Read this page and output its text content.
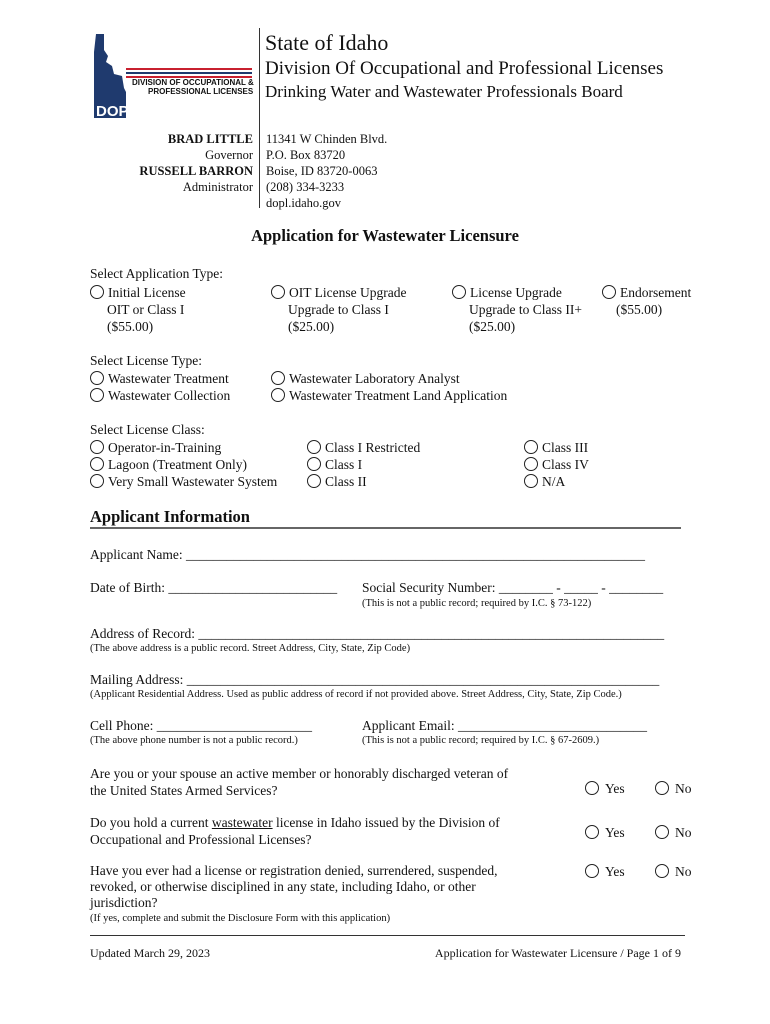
DOPL
DIVISION OF OCCUPATIONAL &
PROFESSIONAL LICENSES
State of Idaho
Division Of Occupational and Professional Licenses
Drinking Water and Wastewater Professionals Board
BRAD LITTLE
Governor
RUSSELL BARRON
Administrator
11341 W Chinden Blvd.
P.O. Box 83720
Boise, ID 83720-0063
(208) 334-3233
dopl.idaho.gov
Application for Wastewater Licensure
Select Application Type:
Initial License
OIT or Class I
($55.00)
OIT License Upgrade
Upgrade to Class I
($25.00)
License Upgrade
Upgrade to Class II+
($25.00)
Endorsement
($55.00)
Select License Type:
Wastewater Treatment
Wastewater Collection
Wastewater Laboratory Analyst
Wastewater Treatment Land Application
Select License Class:
Operator-in-Training
Lagoon (Treatment Only)
Very Small Wastewater System
Class I Restricted
Class I
Class II
Class III
Class IV
N/A
Applicant Information
Applicant Name: ____________________________________________________________________
Date of Birth: _________________________ Social Security Number: ________ - _____ - ________
(This is not a public record; required by I.C. § 73-122)
Address of Record: _____________________________________________________________________
(The above address is a public record. Street Address, City, State, Zip Code)
Mailing Address: ______________________________________________________________________
(Applicant Residential Address. Used as public address of record if not provided above. Street Address, City, State, Zip Code.)
Cell Phone: _______________________
(The above phone number is not a public record.)
Applicant Email: ____________________________
(This is not a public record; required by I.C. § 67-2609.)
Are you or your spouse an active member or honorably discharged veteran of
the United States Armed Services?	Yes	No
Do you hold a current wastewater license in Idaho issued by the Division of
Occupational and Professional Licenses?	Yes	No
Have you ever had a license or registration denied, surrendered, suspended,
revoked, or otherwise disciplined in any state, including Idaho, or other
jurisdiction?
(If yes, complete and submit the Disclosure Form with this application)
Yes	No
Updated March 29, 2023	Application for Wastewater Licensure / Page 1 of 9
